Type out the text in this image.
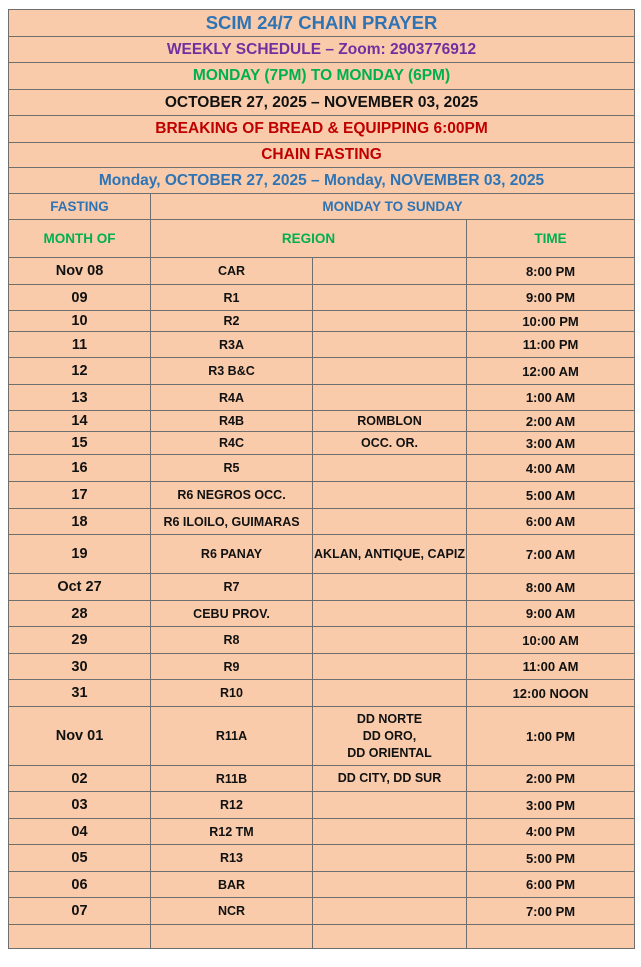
SCIM 24/7 CHAIN PRAYER			
WEEKLY SCHEDULE – Zoom: 2903776912			
MONDAY (7PM) TO MONDAY (6PM)			
OCTOBER 27, 2025 – NOVEMBER 03, 2025			
BREAKING OF BREAD & EQUIPPING 6:00PM			
CHAIN FASTING			
Monday, OCTOBER 27, 2025 – Monday, NOVEMBER 03, 2025			
FASTING	MONDAY TO SUNDAY		
MONTH OF	REGION		TIME
Nov 08	CAR		8:00 PM
09	R1		9:00 PM
10	R2		10:00 PM
11	R3A		11:00 PM
12	R3 B&C		12:00 AM
13	R4A		1:00 AM
14	R4B	ROMBLON	2:00 AM
15	R4C	OCC. OR.	3:00 AM
16	R5		4:00 AM
17	R6 NEGROS OCC.		5:00 AM
18	R6 ILOILO, GUIMARAS		6:00 AM
19	R6 PANAY	AKLAN, ANTIQUE, CAPIZ	7:00 AM
Oct 27	R7		8:00 AM
28	CEBU PROV.		9:00 AM
29	R8		10:00 AM
30	R9		11:00 AM
31	R10		12:00 NOON
Nov 01	R11A	DD NORTE
DD ORO,
DD ORIENTAL	1:00 PM
02	R11B	DD CITY, DD SUR	2:00 PM
03	R12		3:00 PM
04	R12 TM		4:00 PM
05	R13		5:00 PM
06	BAR		6:00 PM
07	NCR		7:00 PM
